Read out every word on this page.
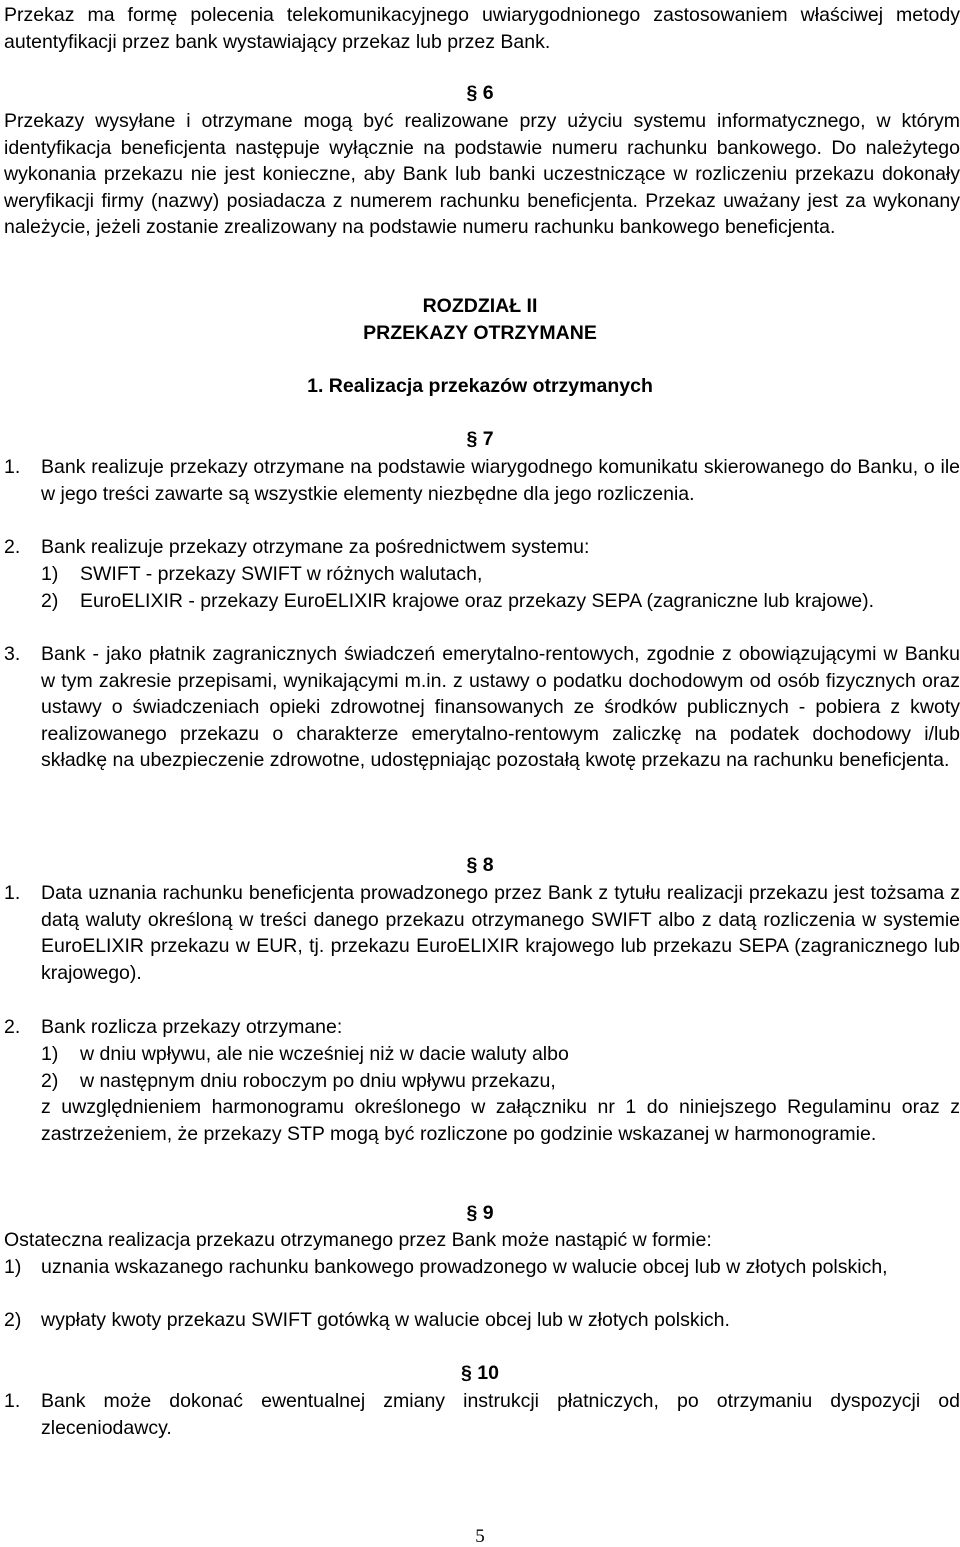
Przekaz ma formę polecenia telekomunikacyjnego uwiarygodnionego zastosowaniem właściwej metody autentyfikacji przez bank wystawiający przekaz lub przez Bank.

§ 6

Przekazy wysyłane i otrzymane mogą być realizowane przy użyciu systemu informatycznego, w którym identyfikacja beneficjenta następuje wyłącznie na podstawie numeru rachunku bankowego. Do należytego wykonania przekazu nie jest konieczne, aby Bank lub banki uczestniczące w rozliczeniu przekazu dokonały weryfikacji firmy (nazwy) posiadacza z numerem rachunku beneficjenta. Przekaz uważany jest za wykonany należycie, jeżeli zostanie zrealizowany na podstawie numeru rachunku bankowego beneficjenta.

ROZDZIAŁ II

PRZEKAZY OTRZYMANE

1. Realizacja przekazów otrzymanych

§ 7

1. Bank realizuje przekazy otrzymane na podstawie wiarygodnego komunikatu skierowanego do Banku, o ile w jego treści zawarte są wszystkie elementy niezbędne dla jego rozliczenia.

2. Bank realizuje przekazy otrzymane za pośrednictwem systemu:

1) SWIFT - przekazy SWIFT w różnych walutach,

2) EuroELIXIR - przekazy EuroELIXIR krajowe oraz przekazy SEPA (zagraniczne lub krajowe).

3. Bank - jako płatnik zagranicznych świadczeń emerytalno-rentowych, zgodnie z obowiązującymi w Banku w tym zakresie przepisami, wynikającymi m.in. z ustawy o podatku dochodowym od osób fizycznych oraz ustawy o świadczeniach opieki zdrowotnej finansowanych ze środków publicznych - pobiera z kwoty realizowanego przekazu o charakterze emerytalno-rentowym zaliczkę na podatek dochodowy i/lub składkę na ubezpieczenie zdrowotne, udostępniając pozostałą kwotę przekazu na rachunku beneficjenta.

§ 8

1. Data uznania rachunku beneficjenta prowadzonego przez Bank z tytułu realizacji przekazu jest tożsama z datą waluty określoną w treści danego przekazu otrzymanego SWIFT albo z datą rozliczenia w systemie EuroELIXIR przekazu w EUR, tj. przekazu EuroELIXIR krajowego lub przekazu SEPA (zagranicznego lub krajowego).

2. Bank rozlicza przekazy otrzymane:

1) w dniu wpływu, ale nie wcześniej niż w dacie waluty albo

2) w następnym dniu roboczym po dniu wpływu przekazu,

z uwzględnieniem harmonogramu określonego w załączniku nr 1 do niniejszego Regulaminu oraz z zastrzeżeniem, że przekazy STP mogą być rozliczone po godzinie wskazanej w harmonogramie.

§ 9

Ostateczna realizacja przekazu otrzymanego przez Bank może nastąpić w formie:

1) uznania wskazanego rachunku bankowego prowadzonego w walucie obcej lub w złotych polskich,

2) wypłaty kwoty przekazu SWIFT gotówką w walucie obcej lub w złotych polskich.

§ 10

1. Bank może dokonać ewentualnej zmiany instrukcji płatniczych, po otrzymaniu dyspozycji od zleceniodawcy.

5
